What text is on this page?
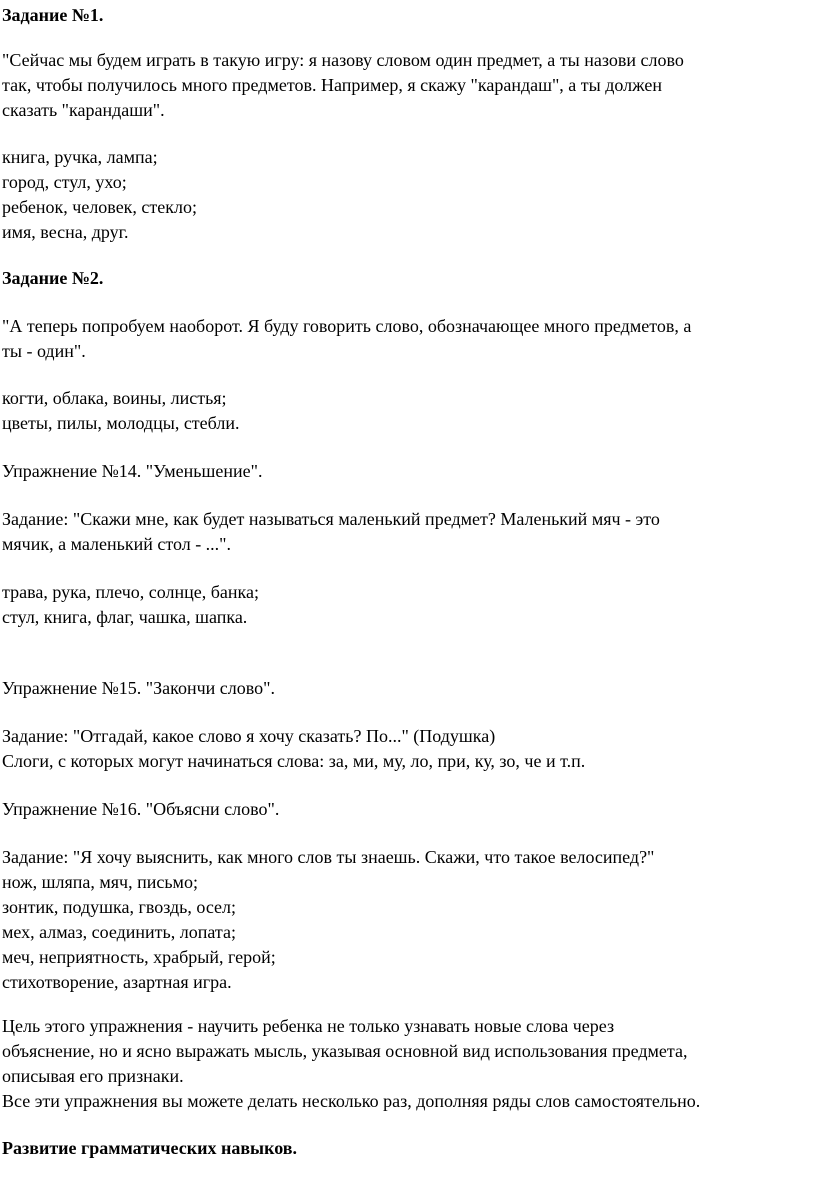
Задание №1.
"Сейчас мы будем играть в такую игру: я назову словом один предмет, а ты назови слово
так, чтобы получилось много предметов. Например, я скажу "карандаш", а ты должен
сказать "карандаши".
книга, ручка, лампа;
город, стул, ухо;
ребенок, человек, стекло;
имя, весна, друг.
Задание №2.
"А теперь попробуем наоборот. Я буду говорить слово, обозначающее много предметов, а
ты - один".
когти, облака, воины, листья;
цветы, пилы, молодцы, стебли.
Упражнение №14. "Уменьшение".
Задание: "Скажи мне, как будет называться маленький предмет? Маленький мяч - это
мячик, а маленький стол - ...".
трава, рука, плечо, солнце, банка;
стул, книга, флаг, чашка, шапка.
Упражнение №15. "Закончи слово".
Задание: "Отгадай, какое слово я хочу сказать? По..." (Подушка)
Слоги, с которых могут начинаться слова: за, ми, му, ло, при, ку, зо, че и т.п.
Упражнение №16. "Объясни слово".
Задание: "Я хочу выяснить, как много слов ты знаешь. Скажи, что такое велосипед?"
нож, шляпа, мяч, письмо;
зонтик, подушка, гвоздь, осел;
мех, алмаз, соединить, лопата;
меч, неприятность, храбрый, герой;
стихотворение, азартная игра.
Цель этого упражнения - научить ребенка не только узнавать новые слова через
объяснение, но и ясно выражать мысль, указывая основной вид использования предмета,
описывая его признаки.
Все эти упражнения вы можете делать несколько раз, дополняя ряды слов самостоятельно.
Развитие грамматических навыков.
